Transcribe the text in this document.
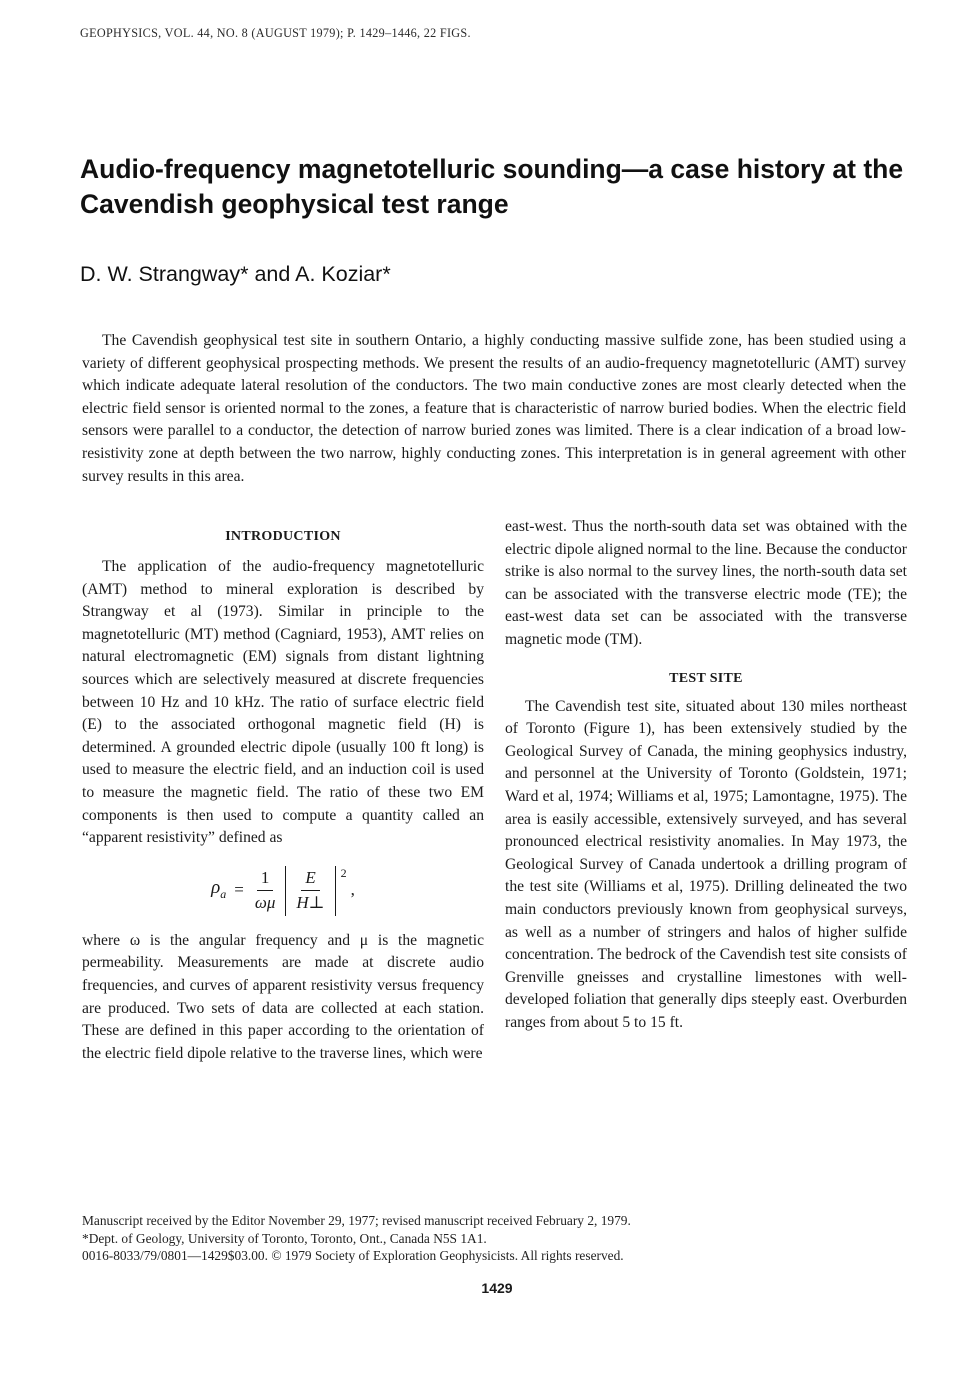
GEOPHYSICS, VOL. 44, NO. 8 (AUGUST 1979); P. 1429–1446, 22 FIGS.
Audio-frequency magnetotelluric sounding—a case history at the Cavendish geophysical test range
D. W. Strangway* and A. Koziar*

The Cavendish geophysical test site in southern Ontario, a highly conducting massive sulfide zone, has been studied using a variety of different geophysical prospecting methods. We present the results of an audio-frequency magnetotelluric (AMT) survey which indicate adequate lateral resolution of the conductors. The two main conductive zones are most clearly detected when the electric field sensor is oriented normal to the zones, a feature that is characteristic of narrow buried bodies. When the electric field sensors were parallel to a conductor, the detection of narrow buried zones was limited. There is a clear indication of a broad low-resistivity zone at depth between the two narrow, highly conducting zones. This interpretation is in general agreement with other survey results in this area.

INTRODUCTION

The application of the audio-frequency magnetotelluric (AMT) method to mineral exploration is described by Strangway et al (1973). Similar in principle to the magnetotelluric (MT) method (Cagniard, 1953), AMT relies on natural electromagnetic (EM) signals from distant lightning sources which are selectively measured at discrete frequencies between 10 Hz and 10 kHz. The ratio of surface electric field (E) to the associated orthogonal magnetic field (H) is determined. A grounded electric dipole (usually 100 ft long) is used to measure the electric field, and an induction coil is used to measure the magnetic field. The ratio of these two EM components is then used to compute a quantity called an “apparent resistivity” defined as

$\rho_a = \frac{1}{\omega\mu} \frac{E}{H\perp} 2$
,

where ω is the angular frequency and μ is the magnetic permeability. Measurements are made at discrete audio frequencies, and curves of apparent resistivity versus frequency are produced. Two sets of data are collected at each station. These are defined in this paper according to the orientation of the electric field dipole relative to the traverse lines, which were

east-west. Thus the north-south data set was obtained with the electric dipole aligned normal to the line. Because the conductor strike is also normal to the survey lines, the north-south data set can be associated with the transverse electric mode (TE); the east-west data set can be associated with the transverse magnetic mode (TM).

TEST SITE

The Cavendish test site, situated about 130 miles northeast of Toronto (Figure 1), has been extensively studied by the Geological Survey of Canada, the mining geophysics industry, and personnel at the University of Toronto (Goldstein, 1971; Ward et al, 1974; Williams et al, 1975; Lamontagne, 1975). The area is easily accessible, extensively surveyed, and has several pronounced electrical resistivity anomalies. In May 1973, the Geological Survey of Canada undertook a drilling program of the test site (Williams et al, 1975). Drilling delineated the two main conductors previously known from geophysical surveys, as well as a number of stringers and halos of higher sulfide concentration. The bedrock of the Cavendish test site consists of Grenville gneisses and crystalline limestones with well-developed foliation that generally dips steeply east. Overburden ranges from about 5 to 15 ft.

Manuscript received by the Editor November 29, 1977; revised manuscript received February 2, 1979.
*Dept. of Geology, University of Toronto, Toronto, Ont., Canada N5S 1A1.
0016-8033/79/0801—1429$03.00. © 1979 Society of Exploration Geophysicists. All rights reserved.
1429
